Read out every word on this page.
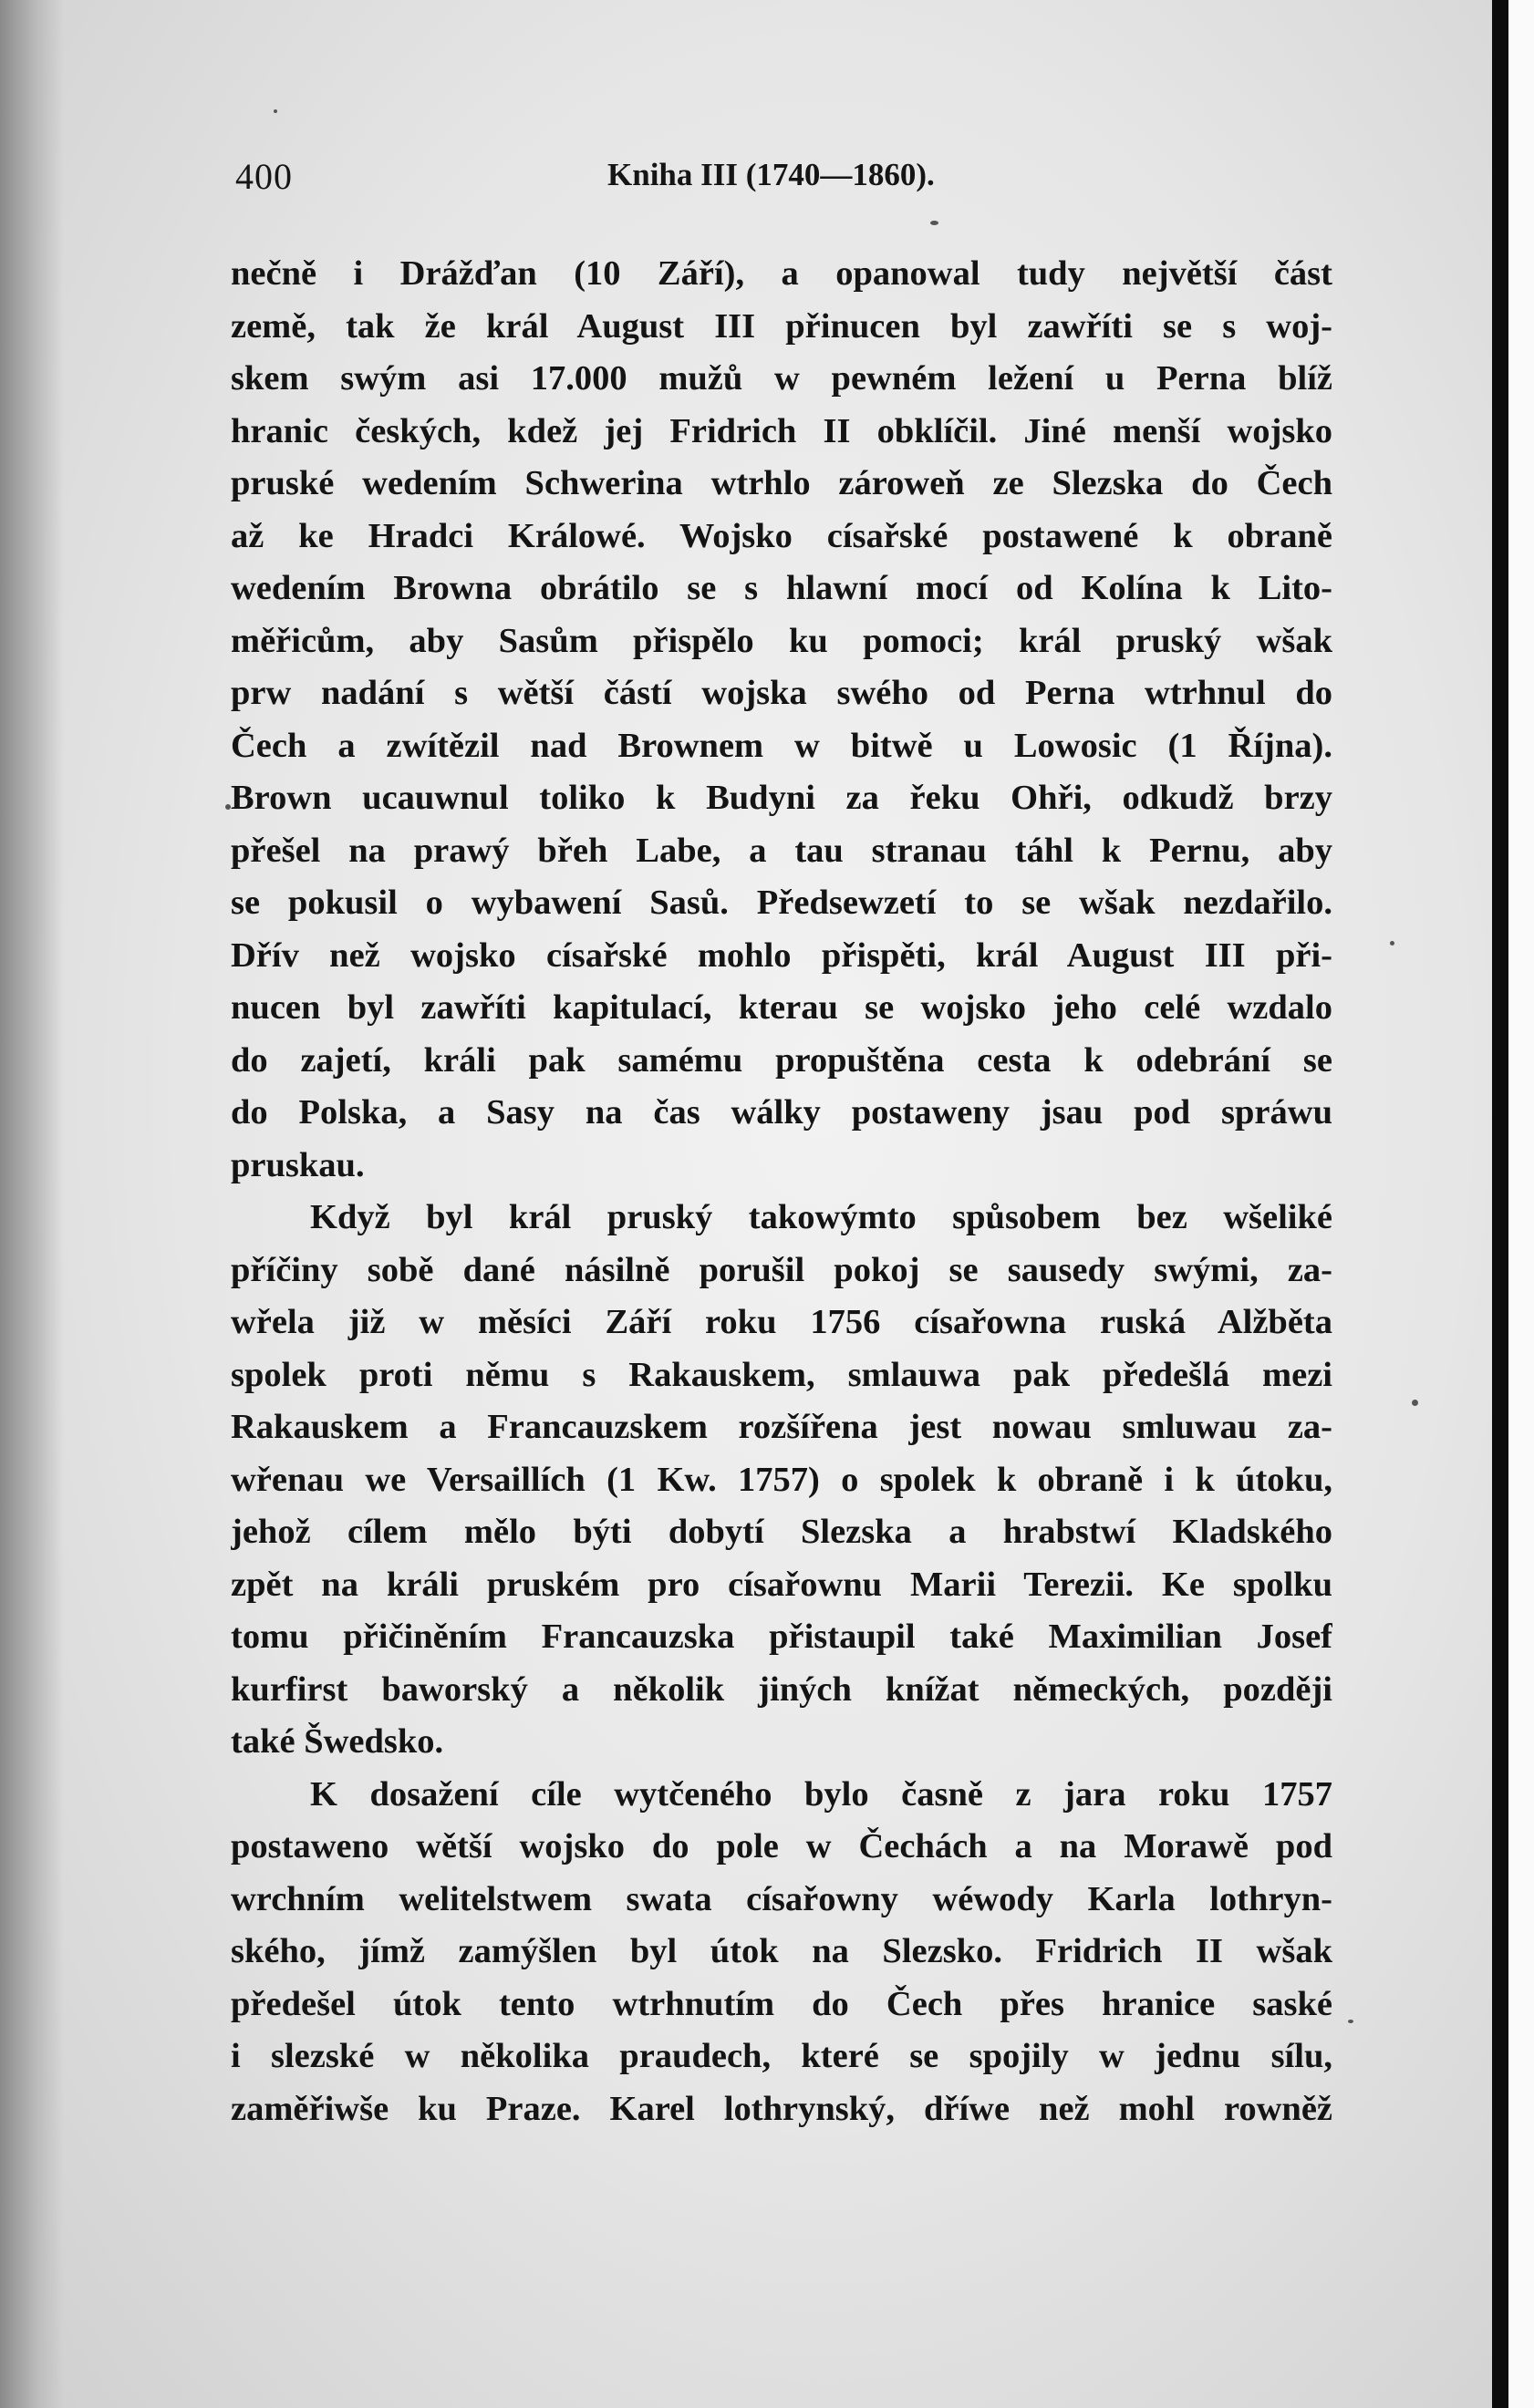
400	Kniha III (1740—1860).
nečně i Drážďan (10 Září), a opanowal tudy největší část
země, tak že král August III přinucen byl zawříti se s woj-
skem swým asi 17.000 mužů w pewném ležení u Perna blíž
hranic českých, kdež jej Fridrich II obklíčil. Jiné menší wojsko
pruské wedením Schwerina wtrhlo zároweň ze Slezska do Čech
až ke Hradci Králowé. Wojsko císařské postawené k obraně
wedením Browna obrátilo se s hlawní mocí od Kolína k Lito-
měřicům, aby Sasům přispělo ku pomoci; král pruský wšak
prw nadání s wětší částí wojska swého od Perna wtrhnul do
Čech a zwítězil nad Brownem w bitwě u Lowosic (1 Října).
Brown ucauwnul toliko k Budyni za řeku Ohři, odkudž brzy
přešel na prawý břeh Labe, a tau stranau táhl k Pernu, aby
se pokusil o wybawení Sasů. Předsewzetí to se wšak nezdařilo.
Dřív než wojsko císařské mohlo přispěti, král August III při-
nucen byl zawříti kapitulací, kterau se wojsko jeho celé wzdalo
do zajetí, králi pak samému propuštěna cesta k odebrání se
do Polska, a Sasy na čas wálky postaweny jsau pod spráwu
pruskau.
Když byl král pruský takowýmto spůsobem bez wšeliké
příčiny sobě dané násilně porušil pokoj se sausedy swými, za-
wřela již w měsíci Září roku 1756 císařowna ruská Alžběta
spolek proti němu s Rakauskem, smlauwa pak předešlá mezi
Rakauskem a Francauzskem rozšířena jest nowau smluwau za-
wřenau we Versaillích (1 Kw. 1757) o spolek k obraně i k útoku,
jehož cílem mělo býti dobytí Slezska a hrabstwí Kladského
zpět na králi pruském pro císařownu Marii Terezii. Ke spolku
tomu přičiněním Francauzska přistaupil také Maximilian Josef
kurfirst baworský a několik jiných knížat německých, později
také Šwedsko.
K dosažení cíle wytčeného bylo časně z jara roku 1757
postaweno wětší wojsko do pole w Čechách a na Morawě pod
wrchním welitelstwem swata císařowny wéwody Karla lothryn-
ského, jímž zamýšlen byl útok na Slezsko. Fridrich II wšak
předešel útok tento wtrhnutím do Čech přes hranice saské
i slezské w několika praudech, které se spojily w jednu sílu,
zaměřiwše ku Praze. Karel lothrynský, dříwe než mohl rowněž
